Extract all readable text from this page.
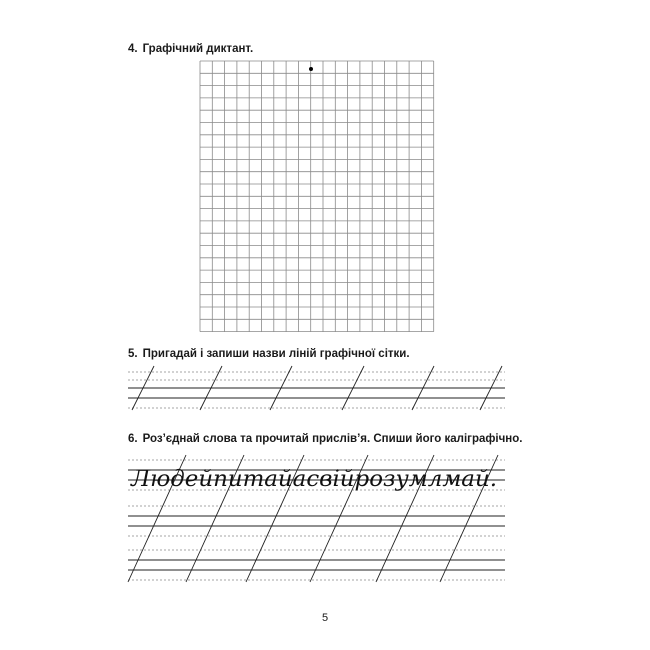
4. Графічний диктант.
5. Пригадай і запиши назви ліній графічної сітки.
6. Роз’єднай слова та прочитай прислів’я. Спиши його каліграфічно.
Людейпитайасвійрозумлмай.
5
